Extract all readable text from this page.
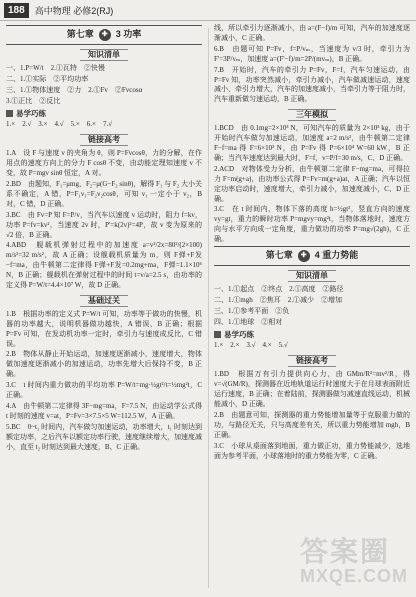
188	高中物理 必修2(RJ)
第七章	✚ 3
功率
知识清单
一、1.P=W/t　2.①瓦特　②快慢
二、1.①实际　②平均功率
三、1.①物体速度　②力　2.①Fv　②Fvcosα
3.①正比　②反比
易学巧练
1.×　2.√　3.×　4.√　5.×　6.×　7.√
链接高考
1.A　设 F 与速度 v 的夹角为 θ，则 P=Fvcosθ，力的分解，在作用点的速度方向上的分力 F cosθ 不变，由动能定理知速度 v 不变，故 P=mgv sinθ 恒定，A 对。
2.BD　由题知，F₁=μmg，F₂=μ(G−F₂ sinθ)，解得 F₁ 与 F₂ 大小关系不确定，A 错，P=F₁v₁=F₂v₂cosθ，可知 v₁ 一定小于 v₂，B 对，C 错，D 正确。
3.BC　由 Fv=P 知 F=P/v，当汽车以速度 v 运动时，阻力 f=kv，功率 P=fv=kv²，当速度 2v 时，P'=k(2v)²=4P，故 v 变为原来的 √2 倍，B 正确。
4.ABD　舰载机弹射过程中的加速度 a=v²/2x=80²/(2×100) m/s²=32 m/s²，故 A 正确；设舰载机质量为 m，则 F弹+F发−f=ma，由牛顿第二定律得 F弹+F发=0.2mg+ma，F弹=1.1×10⁶ N，B 正确；舰载机在弹射过程中的时间 t=v/a=2.5 s，由功率的定义得 P=W/t=4.4×10⁷ W，故 D 正确。
基础过关
1.B　根据功率的定义式 P=W/t 可知，功率等于做功的快慢，机器的功率越大，说明机器做功越快，A 错误，B 正确；根据 P=Fv 可知，在发动机功率一定时，牵引力与速度成反比，C 错误。
2.B　物体从静止开始运动，加速度逐渐减小，速度增大，物体做加速度逐渐减小的加速运动，功率先增大后保持不变，B 正确。
3.C　t 时间内重力做功的平均功率 P=W/t=mg·½gt²/t=½mg²t，C 正确。
4.A　由牛顿第二定律得 3F−mg=ma，F=7.5 N，由运动学公式得 t 时刻的速度 v=at，P=Fv=3×7.5×5 W=112.5 W，A 正确。
5.BC　0~t₁ 时间内，汽车做匀加速运动，功率增大，t₁ 时刻达到额定功率，之后汽车以额定功率行驶，速度继续增大，加速度减小，直至 t₂ 时刻达到最大速度，B、C 正确。
线，所以牵引力逐渐减小，由 a=(F−f)/m 可知，汽车的加速度逐渐减小，C 正确。
6.B　由题可知 P=Fv，f=P/vₘ，当速度为 v/3 时，牵引力为 F'=3P/vₘ，加速度 a=(F'−f)/m=2P/(mvₘ)，B 正确。
7.B　开始时，汽车的牵引力 P=Fv，F=f，汽车匀速运动，由 P=Fv 知，功率突然减小，牵引力减小，汽车做减速运动，速度减小，牵引力增大，汽车的加速度减小，当牵引力等于阻力时，汽车重新做匀速运动，B 正确。
三年模拟
1.BCD　由 0.1mg=2×10³ N，可知汽车的质量为 2×10³ kg，由于开始时汽车做匀加速运动，加速度 a=2 m/s²，由牛顿第二定律 F−f=ma 得 F=6×10³ N，由 P=Fv 得 P=6×10⁴ W=60 kW，B 正确；当汽车速度达到最大时，F=f，v=P/f=30 m/s，C、D 正确。
2.ACD　对物体受力分析，由牛顿第二定律 F−mg=ma，可得拉力 F=m(g+a)，由功率公式得 P=Fv=m(g+a)at，A 正确；汽车以恒定功率启动时，速度增大，牵引力减小，加速度减小，C、D 正确。
3.C　在 t 时间内，物体下落的高度 h=½gt²，竖直方向的速度 vy=gt，重力的瞬时功率 P=mgvy=mg²t，当物体落地时，速度方向与水平方向成一定角度，重力做功的功率 P=mg√(2gh)，C 正确。
第七章	✚ 4
重力势能
知识清单
一、1.①起点　②终点　2.①高度　②路径
二、1.①mgh　②焦耳　2.①减少　②增加
三、1.①参考平面　②负
四、1.①地球　②相对
易学巧练
1.×　2.×　3.√　4.×　5.√
链接高考
1.BD　根据万有引力提供向心力，由 GMm/R²=mv²/R，得 v=√(GM/R)，探测器在近地轨道运行时速度大于在月球表面附近运行速度，B 正确；在着陆前，探测器做匀减速直线运动，机械能减小，D 正确。
2.B　由题意可知，探测器的重力势能增加量等于克服重力做的功，与路径无关，只与高度差有关，所以重力势能增加 mgh，B 正确。
3.C　小球从桌面落到地面，重力做正功，重力势能减少，选地面为参考平面，小球落地时的重力势能为零，C 正确。
答案圈
MXQE.COM
